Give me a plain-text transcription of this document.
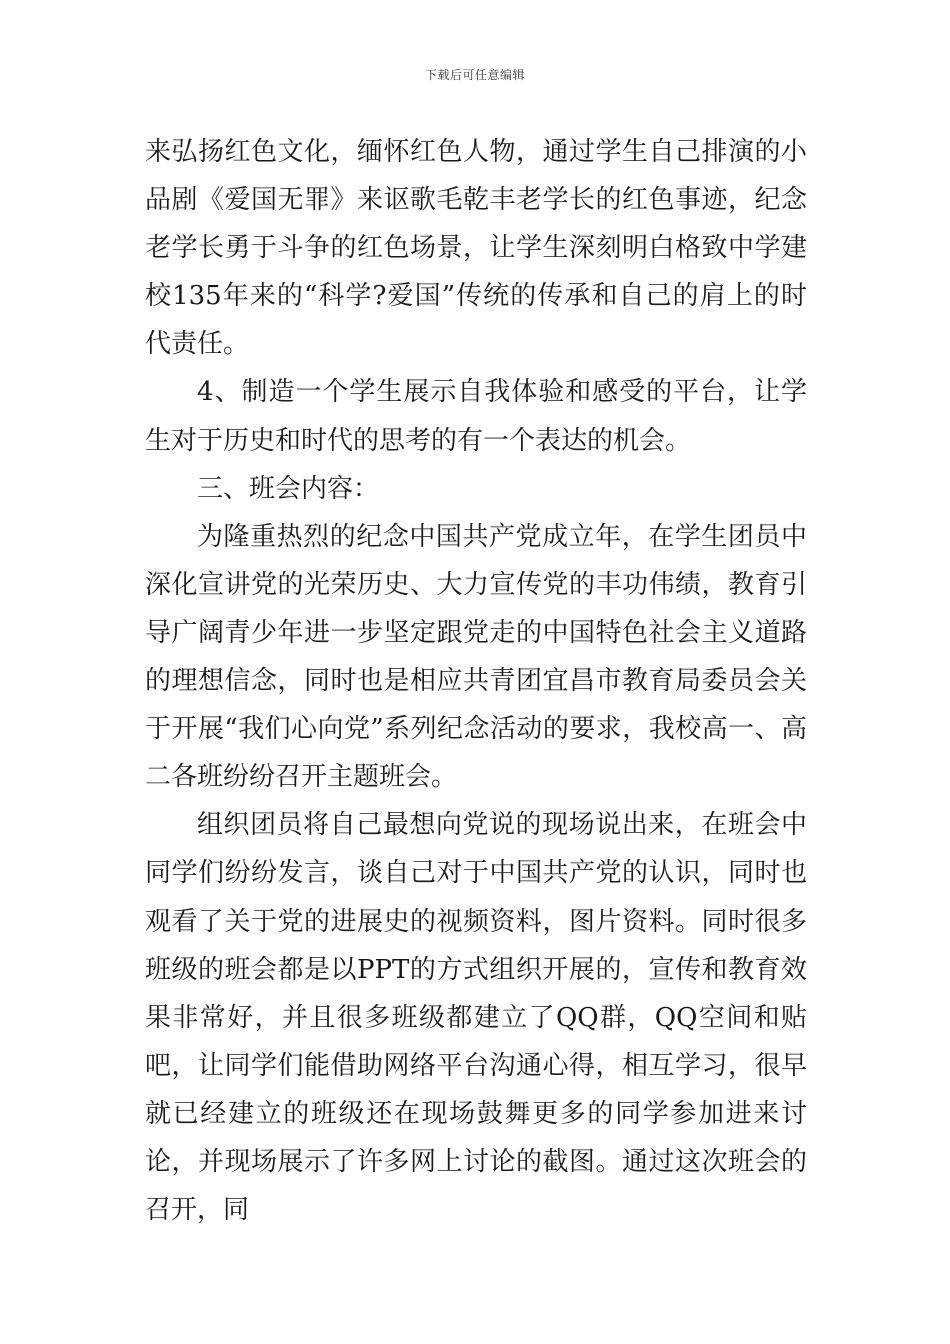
下载后可任意编辑

来弘扬红色文化，缅怀红色人物，通过学生自己排演的小品剧《爱国无罪》来讴歌毛乾丰老学长的红色事迹，纪念老学长勇于斗争的红色场景，让学生深刻明白格致中学建校135年来的“科学?爱国”传统的传承和自己的肩上的时代责任。

4、制造一个学生展示自我体验和感受的平台，让学生对于历史和时代的思考的有一个表达的机会。

三、班会内容：

为隆重热烈的纪念中国共产党成立年，在学生团员中深化宣讲党的光荣历史、大力宣传党的丰功伟绩，教育引导广阔青少年进一步坚定跟党走的中国特色社会主义道路的理想信念，同时也是相应共青团宜昌市教育局委员会关于开展“我们心向党”系列纪念活动的要求，我校高一、高二各班纷纷召开主题班会。

组织团员将自己最想向党说的现场说出来，在班会中同学们纷纷发言，谈自己对于中国共产党的认识，同时也观看了关于党的进展史的视频资料，图片资料。同时很多班级的班会都是以PPT的方式组织开展的，宣传和教育效果非常好，并且很多班级都建立了QQ群，QQ空间和贴吧，让同学们能借助网络平台沟通心得，相互学习，很早就已经建立的班级还在现场鼓舞更多的同学参加进来讨论，并现场展示了许多网上讨论的截图。通过这次班会的召开，同
